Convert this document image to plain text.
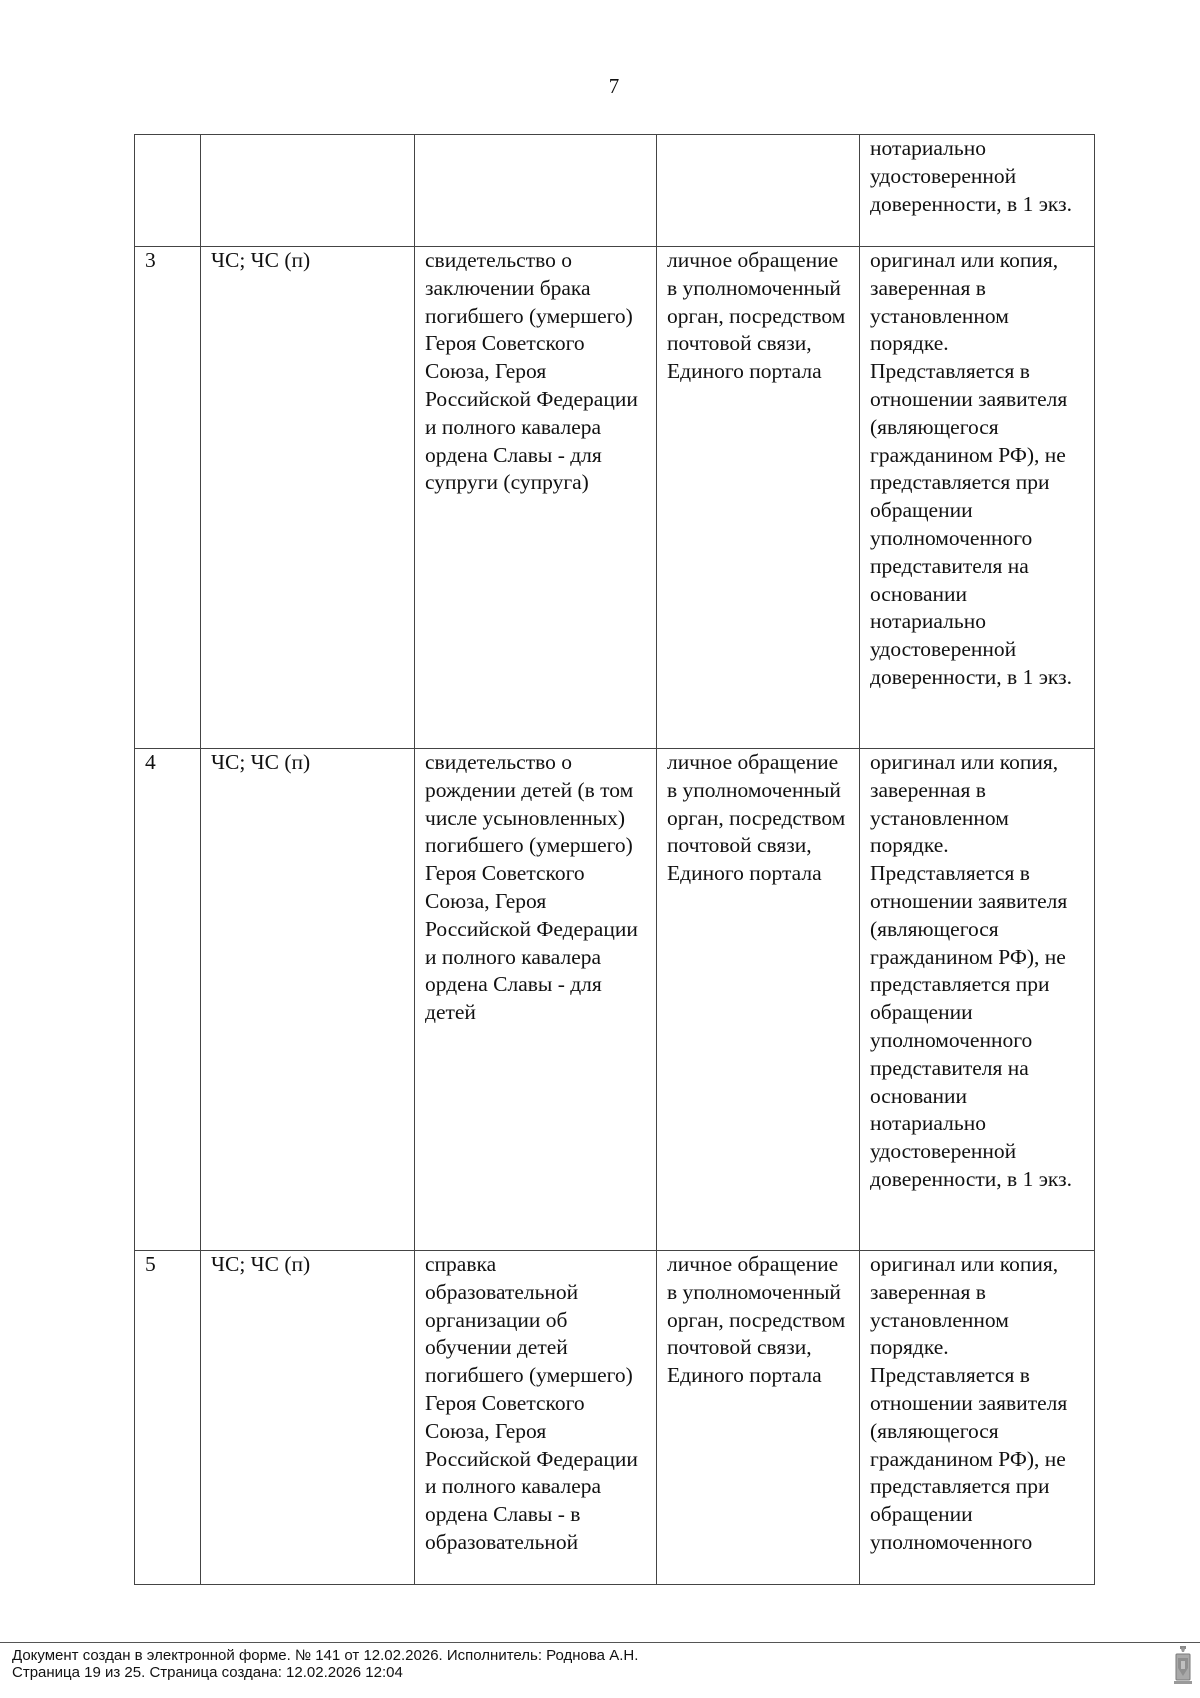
7

				нотариально удостоверенной доверенности, в 1 экз.

3	ЧС; ЧС (п)	свидетельство о заключении брака погибшего (умершего) Героя Советского Союза, Героя Российской Федерации и полного кавалера ордена Славы - для супруги (супруга)	личное обращение в уполномоченный орган, посредством почтовой связи, Единого портала	оригинал или копия, заверенная в установленном порядке. Представляется в отношении заявителя (являющегося гражданином РФ), не представляется при обращении уполномоченного представителя на основании нотариально удостоверенной доверенности, в 1 экз.

4	ЧС; ЧС (п)	свидетельство о рождении детей (в том числе усыновленных) погибшего (умершего) Героя Советского Союза, Героя Российской Федерации и полного кавалера ордена Славы - для детей	личное обращение в уполномоченный орган, посредством почтовой связи, Единого портала	оригинал или копия, заверенная в установленном порядке. Представляется в отношении заявителя (являющегося гражданином РФ), не представляется при обращении уполномоченного представителя на основании нотариально удостоверенной доверенности, в 1 экз.

5	ЧС; ЧС (п)	справка образовательной организации об обучении детей погибшего (умершего) Героя Советского Союза, Героя Российской Федерации и полного кавалера ордена Славы - в образовательной	личное обращение в уполномоченный орган, посредством почтовой связи, Единого портала	оригинал или копия, заверенная в установленном порядке. Представляется в отношении заявителя (являющегося гражданином РФ), не представляется при обращении уполномоченного
Документ создан в электронной форме. № 141 от 12.02.2026. Исполнитель: Роднова А.Н.
Страница 19 из 25. Страница создана: 12.02.2026 12:04
